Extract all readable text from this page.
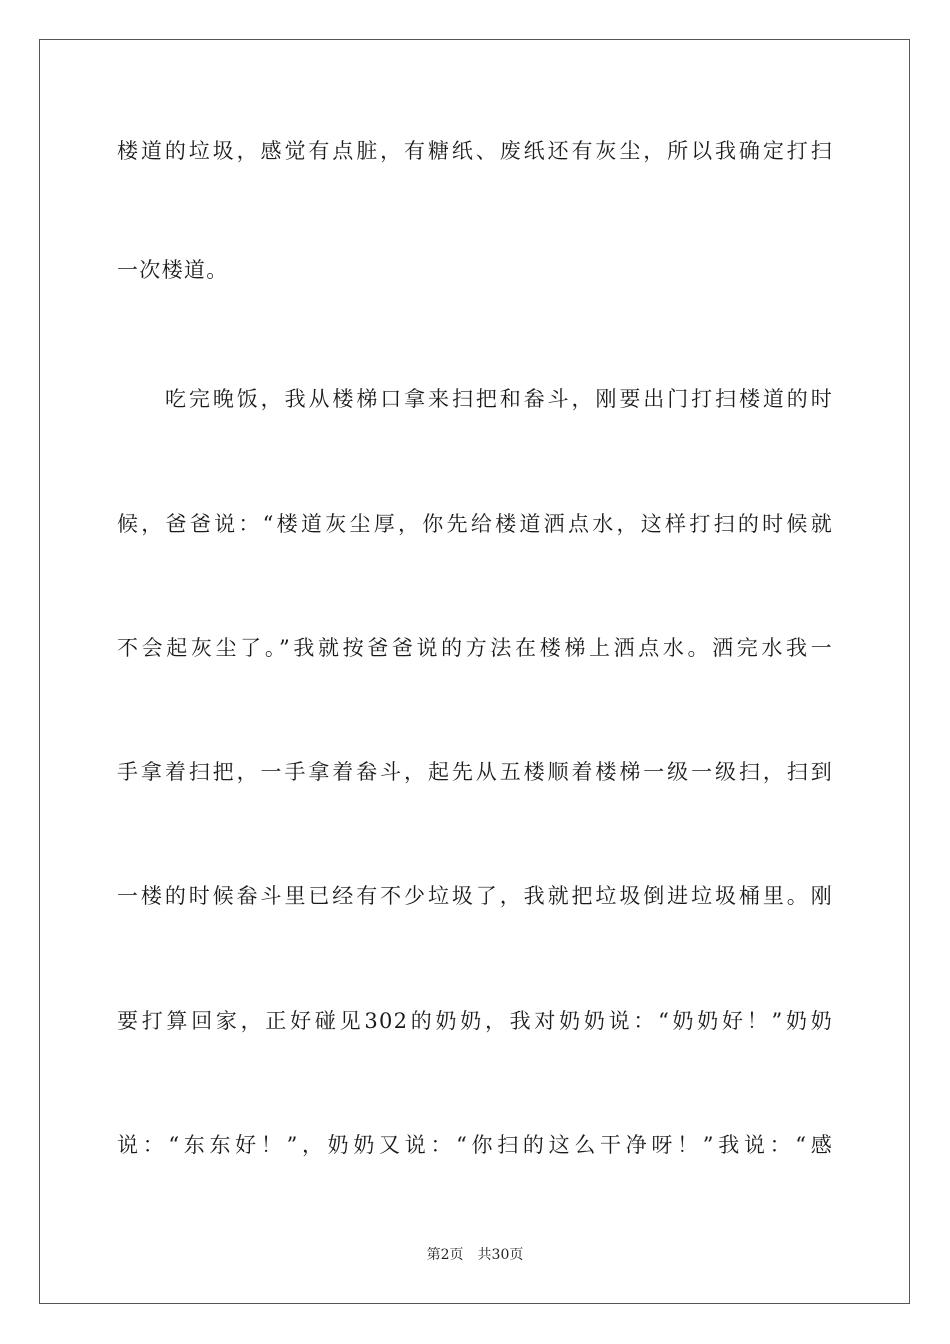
楼道的垃圾，感觉有点脏，有糖纸、废纸还有灰尘，所以我确定打扫
一次楼道。
吃完晚饭，我从楼梯口拿来扫把和畚斗，刚要出门打扫楼道的时
候，爸爸说：“楼道灰尘厚，你先给楼道洒点水，这样打扫的时候就
不会起灰尘了。”我就按爸爸说的方法在楼梯上洒点水。洒完水我一
手拿着扫把，一手拿着畚斗，起先从五楼顺着楼梯一级一级扫，扫到
一楼的时候畚斗里已经有不少垃圾了，我就把垃圾倒进垃圾桶里。刚
要打算回家，正好碰见302的奶奶，我对奶奶说：“奶奶好！”奶奶
说：“东东好！”，奶奶又说：“你扫的这么干净呀！”我说：“感
第2页 共30页
